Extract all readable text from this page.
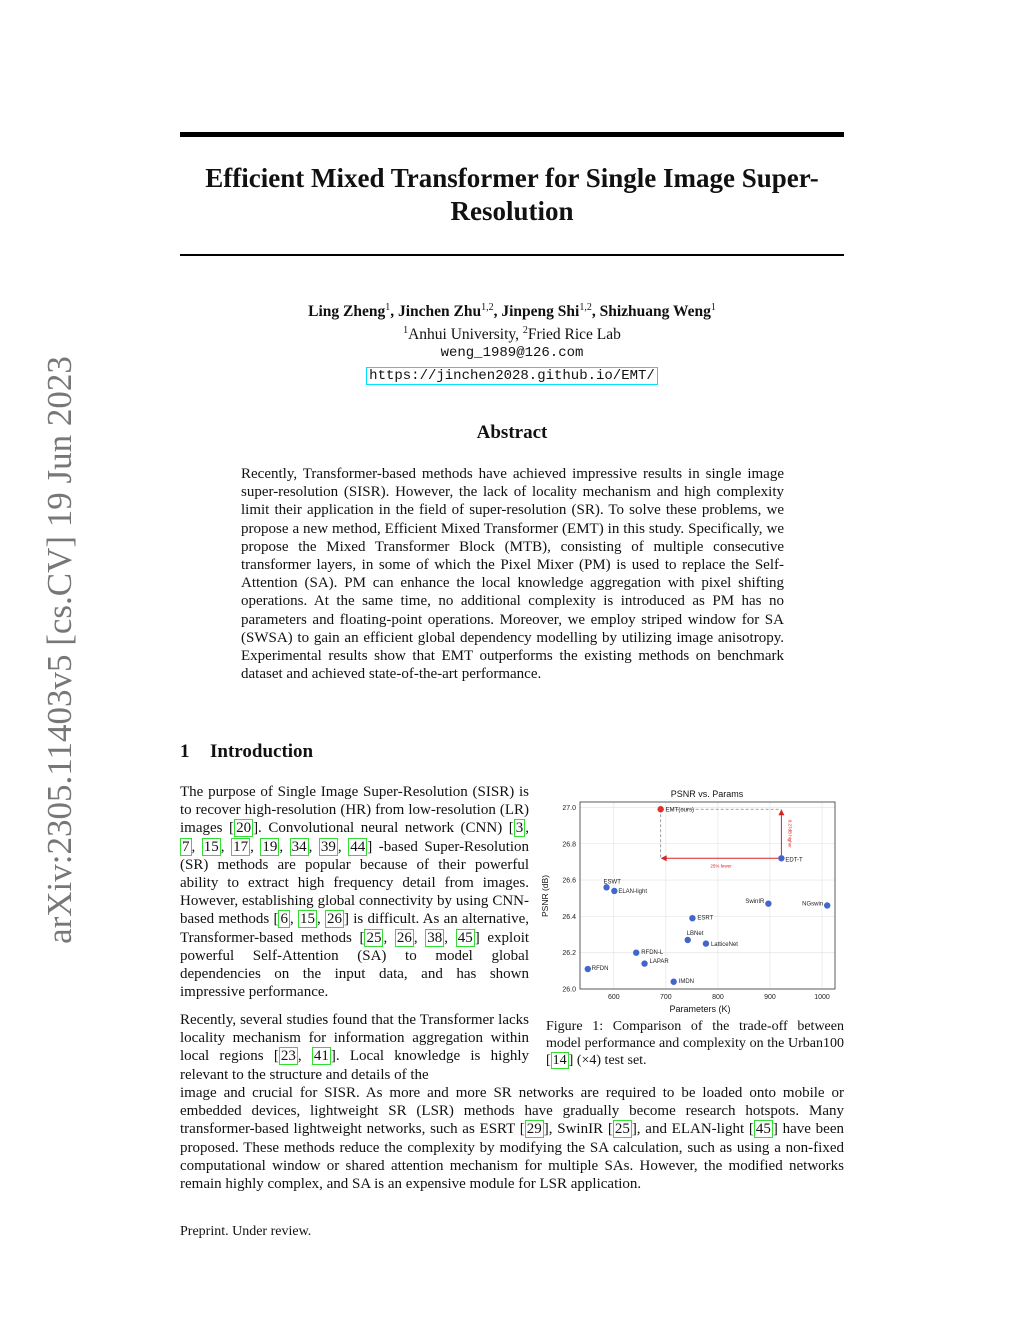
arXiv:2305.11403v5 [cs.CV] 19 Jun 2023
Efficient Mixed Transformer for Single Image Super-Resolution
Ling Zheng$^1$, Jinchen Zhu$^{1,2}$, Jinpeng Shi$^{1,2}$, Shizhuang Weng$^1$
$^1$Anhui University, $^2$Fried Rice Lab
weng_1989@126.com
https://jinchen2028.github.io/EMT/
Abstract
Recently, Transformer-based methods have achieved impressive results in single image super-resolution (SISR). However, the lack of locality mechanism and high complexity limit their application in the field of super-resolution (SR). To solve these problems, we propose a new method, Efficient Mixed Transformer (EMT) in this study. Specifically, we propose the Mixed Transformer Block (MTB), consisting of multiple consecutive transformer layers, in some of which the Pixel Mixer (PM) is used to replace the Self-Attention (SA). PM can enhance the local knowledge aggregation with pixel shifting operations. At the same time, no additional complexity is introduced as PM has no parameters and floating-point operations. Moreover, we employ striped window for SA (SWSA) to gain an efficient global dependency modelling by utilizing image anisotropy. Experimental results show that EMT outperforms the existing methods on benchmark dataset and achieved state-of-the-art performance.
1 Introduction
The purpose of Single Image Super-Resolution (SISR) is to recover high-resolution (HR) from low-resolution (LR) images [ 20 ]. Convolutional neural network (CNN) [ 3 , 7 , 15 , 17 , 19 , 34 , 39 , 44 ] -based Super-Resolution (SR) methods are popular because of their powerful ability to extract high frequency detail from images. However, establishing global connectivity by using CNN-based methods [ 6 , 15 , 26 ] is difficult. As an alternative, Transformer-based methods [ 25 , 26 , 38 , 45 ] exploit powerful Self-Attention (SA) to model global dependencies on the input data, and has shown impressive performance.
Recently, several studies found that the Transformer lacks locality mechanism for information aggregation within local regions [ 23 , 41 ]. Local knowledge is highly relevant to the structure and details of the
image and crucial for SISR. As more and more SR networks are required to be loaded onto mobile or embedded devices, lightweight SR (LSR) methods have gradually become research hotspots. Many transformer-based lightweight networks, such as ESRT [ 29 ], SwinIR [ 25 ], and ELAN-light [ 45 ] have been proposed. These methods reduce the complexity by modifying the SA calculation, such as using a non-fixed computational window or shared attention mechanism for multiple SAs. However, the modified networks remain highly complex, and SA is an expensive module for LSR application.
PSNR vs. Params
600	700	800	900	1000
26.0
26.2
26.4
26.6
26.8
27.0
25% fewer
0.27dB higher
EMT(ours)
EDT-T
ESWT
ELAN-light
SwinIR	NGswin
ESRT
LBNet
LatticeNet
RFDN-L
LAPAR
RFDN
IMDN
Parameters (K)
PSNR (dB)
Figure 1: Comparison of the trade-off between model performance and complexity on the Urban100 [ 14 ] (×4) test set.
Preprint. Under review.
